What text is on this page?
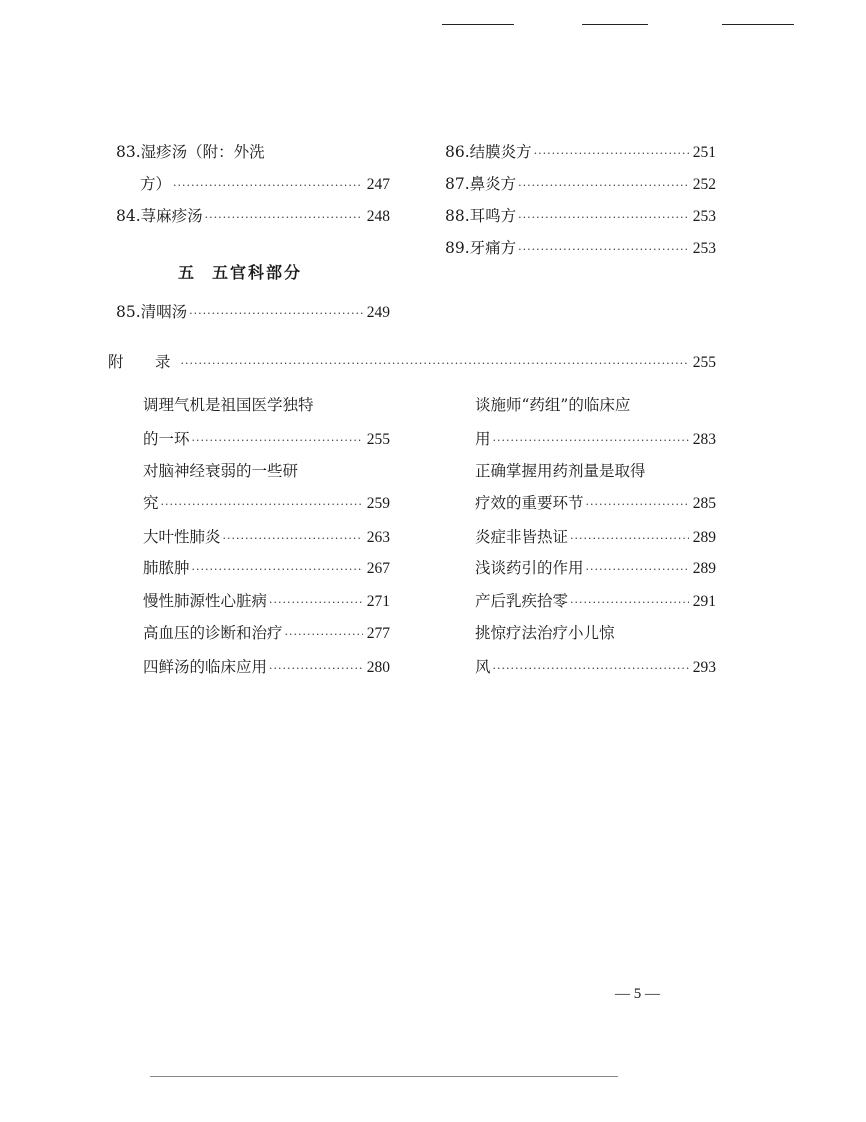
五 五官科部分
83.湿疹汤（附：外洗
方） ·····	247
84.荨麻疹汤 ·····	248
85.清咽汤 ·····	249
86.结膜炎方 ·····	251
87.鼻炎方 ·····	252
88.耳鸣方 ·····	253
89.牙痛方 ·····	253
调理气机是祖国医学独特
的一环 ·····	255
对脑神经衰弱的一些研
究 ·····	259
大叶性肺炎 ·····	263
肺脓肿 ·····	267
慢性肺源性心脏病 ·····	271
高血压的诊断和治疗 ·····	277
四鲜汤的临床应用 ·····	280
谈施师“药组”的临床应
用 ·····	283
正确掌握用药剂量是取得
疗效的重要环节 ·····	285
炎症非皆热证 ·····	289
浅谈药引的作用 ·····	289
产后乳疾拾零 ·····	291
挑惊疗法治疗小儿惊
风 ·····	293
附　录 ·····	255
— 5 —
